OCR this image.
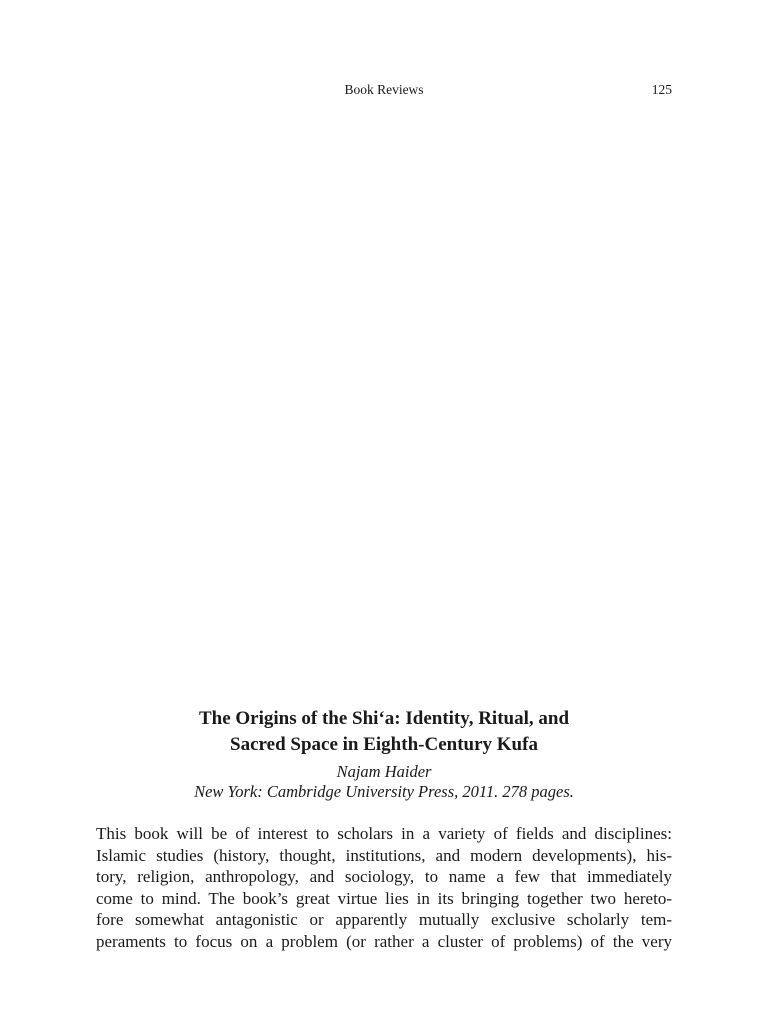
Book Reviews	125

The Origins of the Shi‘a: Identity, Ritual, and
Sacred Space in Eighth-Century Kufa

Najam Haider

New York: Cambridge University Press, 2011. 278 pages.

This book will be of interest to scholars in a variety of fields and disciplines:
Islamic studies (history, thought, institutions, and modern developments), his-
tory, religion, anthropology, and sociology, to name a few that immediately
come to mind. The book’s great virtue lies in its bringing together two hereto-
fore somewhat antagonistic or apparently mutually exclusive scholarly tem-
peraments to focus on a problem (or rather a cluster of problems) of the very
